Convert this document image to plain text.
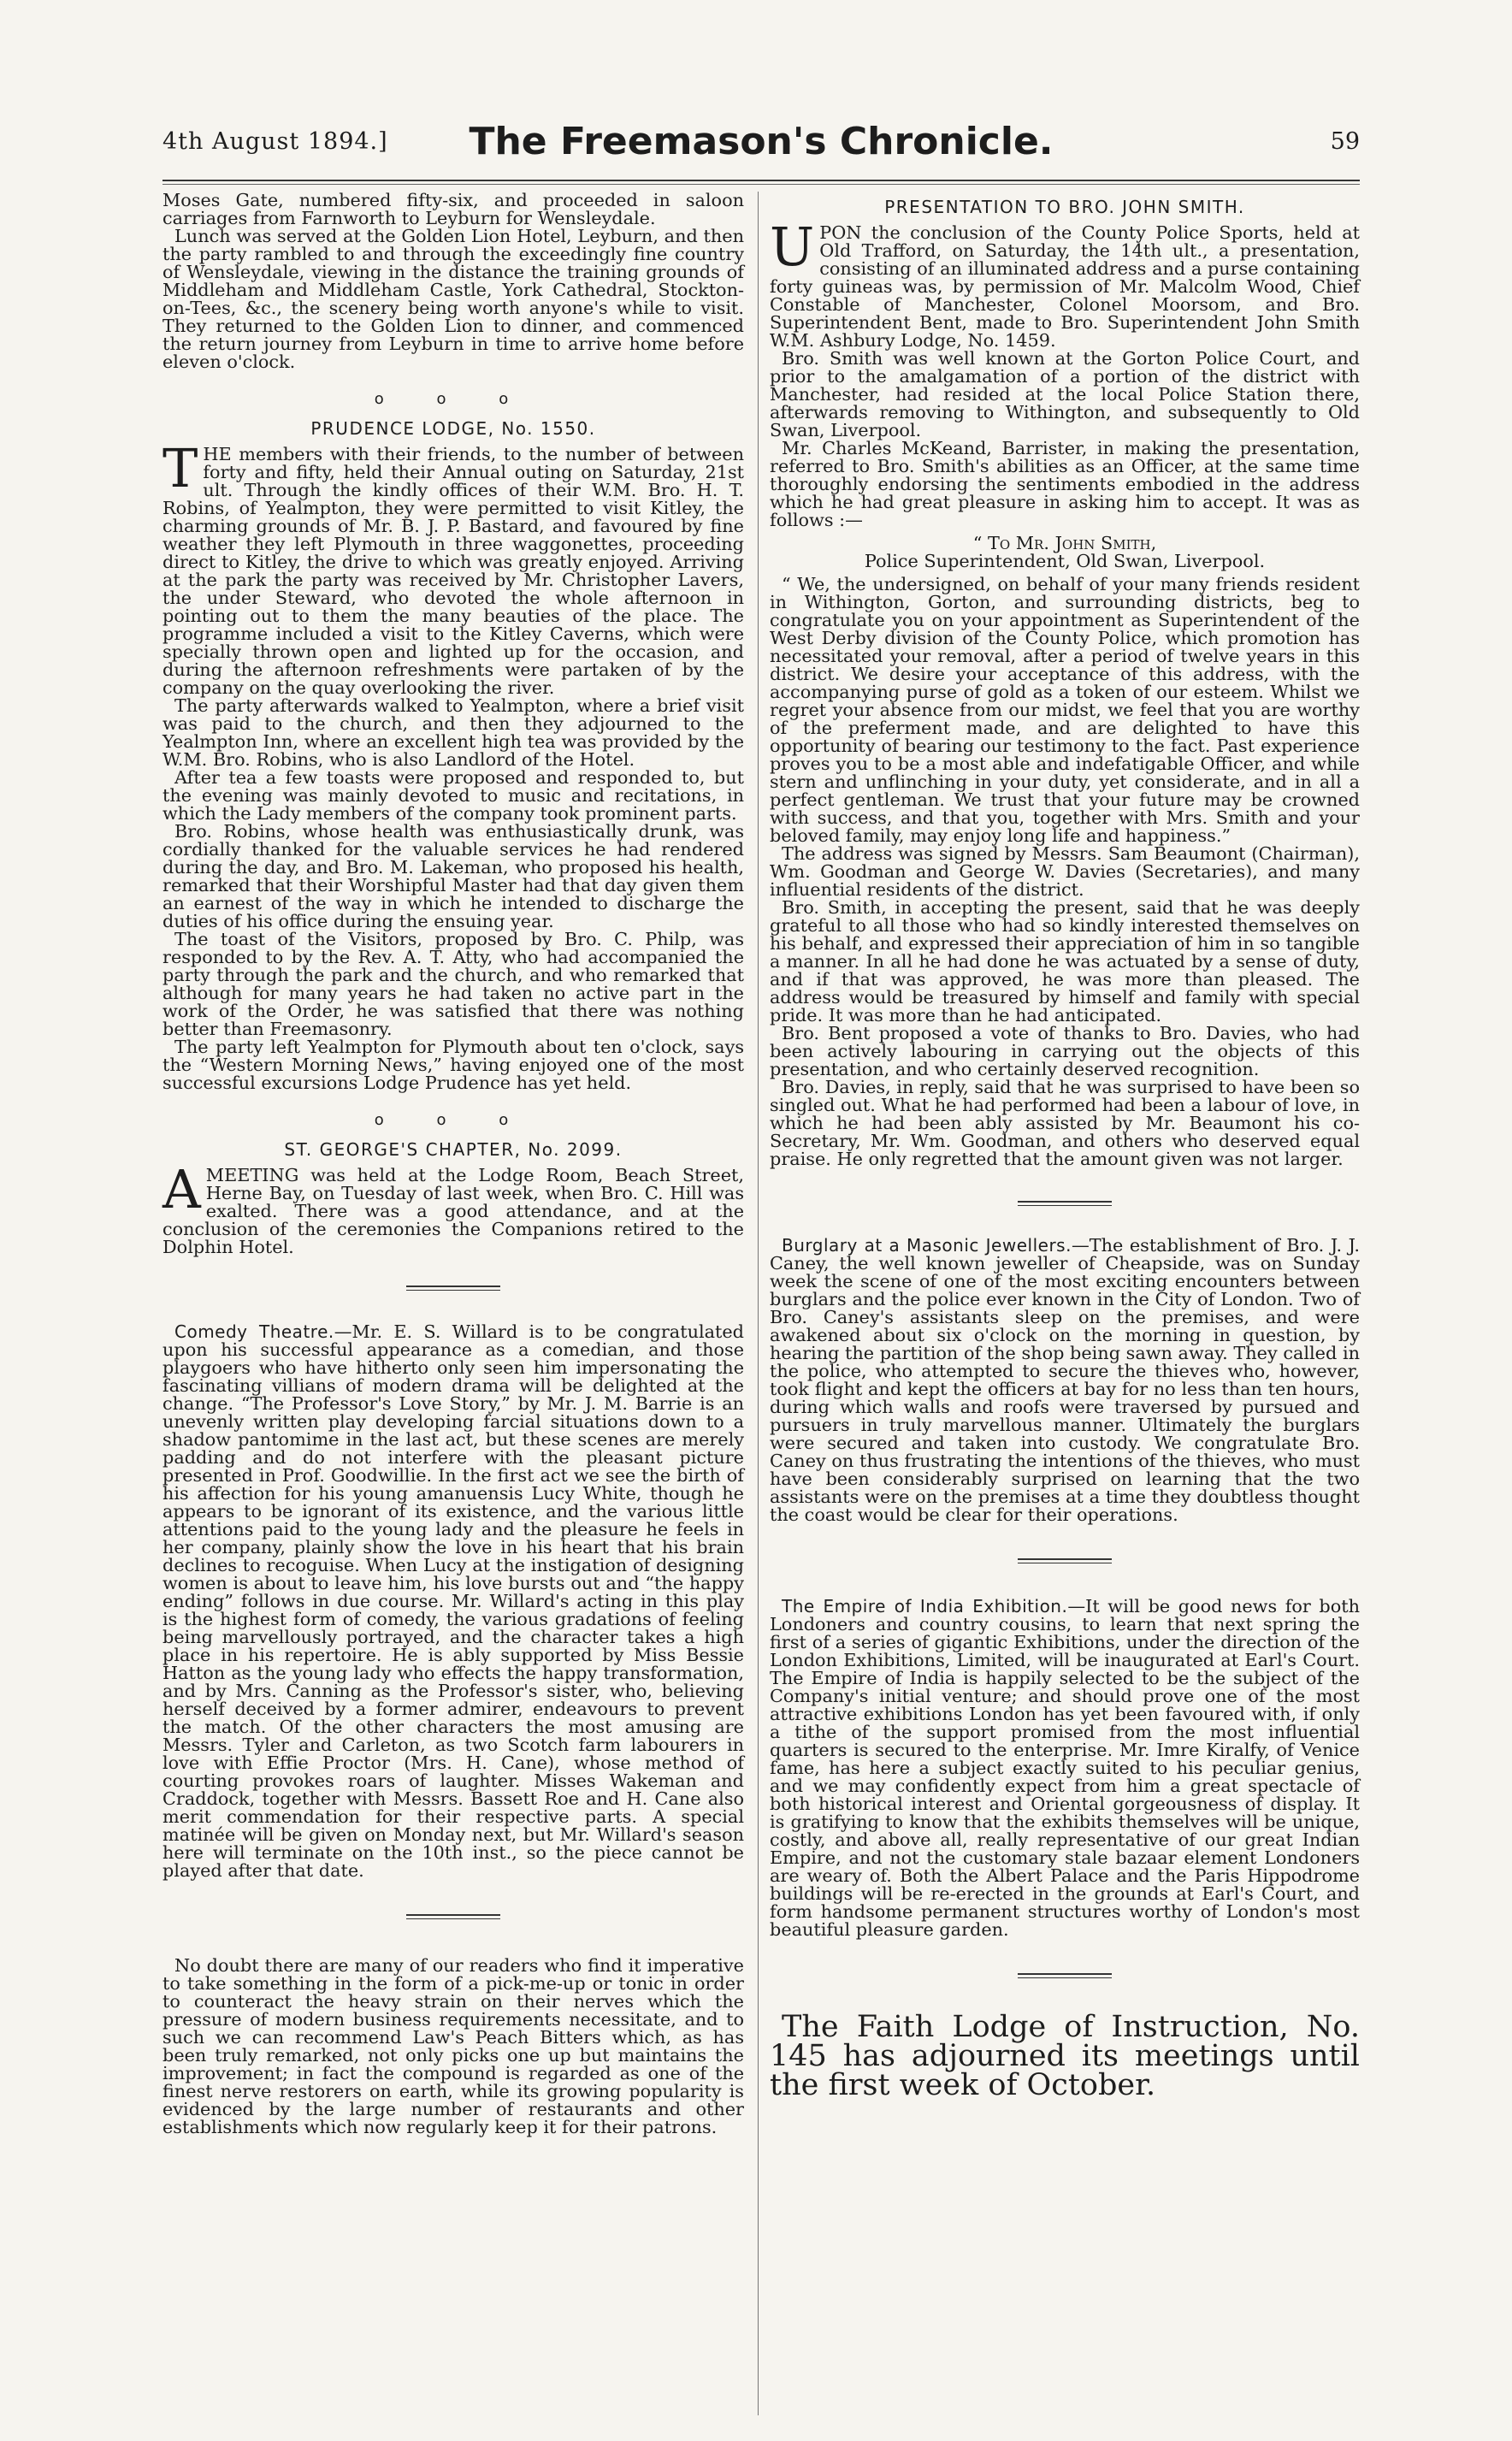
4th August 1894.]	The Freemason's Chronicle.	59

Moses Gate, numbered fifty-six, and proceeded in saloon carriages from Farnworth to Leyburn for Wensleydale.

Lunch was served at the Golden Lion Hotel, Leyburn, and then the party rambled to and through the exceedingly fine country of Wensleydale, viewing in the distance the training grounds of Middleham and Middleham Castle, York Cathedral, Stockton-on-Tees, &c., the scenery being worth anyone's while to visit. They returned to the Golden Lion to dinner, and commenced the return journey from Leyburn in time to arrive home before eleven o'clock.

o o o
PRUDENCE LODGE, No. 1550.

THE members with their friends, to the number of between forty and fifty, held their Annual outing on Saturday, 21st ult. Through the kindly offices of their W.M. Bro. H. T. Robins, of Yealmpton, they were permitted to visit Kitley, the charming grounds of Mr. B. J. P. Bastard, and favoured by fine weather they left Plymouth in three waggonettes, proceeding direct to Kitley, the drive to which was greatly enjoyed. Arriving at the park the party was received by Mr. Christopher Lavers, the under Steward, who devoted the whole afternoon in pointing out to them the many beauties of the place. The programme included a visit to the Kitley Caverns, which were specially thrown open and lighted up for the occasion, and during the afternoon refreshments were partaken of by the company on the quay overlooking the river.

The party afterwards walked to Yealmpton, where a brief visit was paid to the church, and then they adjourned to the Yealmpton Inn, where an excellent high tea was provided by the W.M. Bro. Robins, who is also Landlord of the Hotel.

After tea a few toasts were proposed and responded to, but the evening was mainly devoted to music and recitations, in which the Lady members of the company took prominent parts.

Bro. Robins, whose health was enthusiastically drunk, was cordially thanked for the valuable services he had rendered during the day, and Bro. M. Lakeman, who proposed his health, remarked that their Worshipful Master had that day given them an earnest of the way in which he intended to discharge the duties of his office during the ensuing year.

The toast of the Visitors, proposed by Bro. C. Philp, was responded to by the Rev. A. T. Atty, who had accompanied the party through the park and the church, and who remarked that although for many years he had taken no active part in the work of the Order, he was satisfied that there was nothing better than Freemasonry.

The party left Yealmpton for Plymouth about ten o'clock, says the “Western Morning News,” having enjoyed one of the most successful excursions Lodge Prudence has yet held.

o o o
ST. GEORGE'S CHAPTER, No. 2099.

AMEETING was held at the Lodge Room, Beach Street, Herne Bay, on Tuesday of last week, when Bro. C. Hill was exalted. There was a good attendance, and at the conclusion of the ceremonies the Companions retired to the Dolphin Hotel.

Comedy Theatre.—Mr. E. S. Willard is to be congratulated upon his successful appearance as a comedian, and those playgoers who have hitherto only seen him impersonating the fascinating villians of modern drama will be delighted at the change. “The Professor's Love Story,” by Mr. J. M. Barrie is an unevenly written play developing farcial situations down to a shadow pantomime in the last act, but these scenes are merely padding and do not interfere with the pleasant picture presented in Prof. Goodwillie. In the first act we see the birth of his affection for his young amanuensis Lucy White, though he appears to be ignorant of its existence, and the various little attentions paid to the young lady and the pleasure he feels in her company, plainly show the love in his heart that his brain declines to recoguise. When Lucy at the instigation of designing women is about to leave him, his love bursts out and “the happy ending” follows in due course. Mr. Willard's acting in this play is the highest form of comedy, the various gradations of feeling being marvellously portrayed, and the character takes a high place in his repertoire. He is ably supported by Miss Bessie Hatton as the young lady who effects the happy transformation, and by Mrs. Canning as the Professor's sister, who, believing herself deceived by a former admirer, endeavours to prevent the match. Of the other characters the most amusing are Messrs. Tyler and Carleton, as two Scotch farm labourers in love with Effie Proctor (Mrs. H. Cane), whose method of courting provokes roars of laughter. Misses Wakeman and Craddock, together with Messrs. Bassett Roe and H. Cane also merit commendation for their respective parts. A special matinée will be given on Monday next, but Mr. Willard's season here will terminate on the 10th inst., so the piece cannot be played after that date.

No doubt there are many of our readers who find it imperative to take something in the form of a pick-me-up or tonic in order to counteract the heavy strain on their nerves which the pressure of modern business requirements necessitate, and to such we can recommend Law's Peach Bitters which, as has been truly remarked, not only picks one up but maintains the improvement; in fact the compound is regarded as one of the finest nerve restorers on earth, while its growing popularity is evidenced by the large number of restaurants and other establishments which now regularly keep it for their patrons.

PRESENTATION TO BRO. JOHN SMITH.

UPON the conclusion of the County Police Sports, held at Old Trafford, on Saturday, the 14th ult., a presentation, consisting of an illuminated address and a purse containing forty guineas was, by permission of Mr. Malcolm Wood, Chief Constable of Manchester, Colonel Moorsom, and Bro. Superintendent Bent, made to Bro. Superintendent John Smith W.M. Ashbury Lodge, No. 1459.

Bro. Smith was well known at the Gorton Police Court, and prior to the amalgamation of a portion of the district with Manchester, had resided at the local Police Station there, afterwards removing to Withington, and subsequently to Old Swan, Liverpool.

Mr. Charles McKeand, Barrister, in making the presentation, referred to Bro. Smith's abilities as an Officer, at the same time thoroughly endorsing the sentiments embodied in the address which he had great pleasure in asking him to accept. It was as follows :—

“ To Mr. John Smith,

Police Superintendent, Old Swan, Liverpool.

“ We, the undersigned, on behalf of your many friends resident in Withington, Gorton, and surrounding districts, beg to congratulate you on your appointment as Superintendent of the West Derby division of the County Police, which promotion has necessitated your removal, after a period of twelve years in this district. We desire your acceptance of this address, with the accompanying purse of gold as a token of our esteem. Whilst we regret your absence from our midst, we feel that you are worthy of the preferment made, and are delighted to have this opportunity of bearing our testimony to the fact. Past experience proves you to be a most able and indefatigable Officer, and while stern and unflinching in your duty, yet considerate, and in all a perfect gentleman. We trust that your future may be crowned with success, and that you, together with Mrs. Smith and your beloved family, may enjoy long life and happiness.”

The address was signed by Messrs. Sam Beaumont (Chairman), Wm. Goodman and George W. Davies (Secretaries), and many influential residents of the district.

Bro. Smith, in accepting the present, said that he was deeply grateful to all those who had so kindly interested themselves on his behalf, and expressed their appreciation of him in so tangible a manner. In all he had done he was actuated by a sense of duty, and if that was approved, he was more than pleased. The address would be treasured by himself and family with special pride. It was more than he had anticipated.

Bro. Bent proposed a vote of thanks to Bro. Davies, who had been actively labouring in carrying out the objects of this presentation, and who certainly deserved recognition.

Bro. Davies, in reply, said that he was surprised to have been so singled out. What he had performed had been a labour of love, in which he had been ably assisted by Mr. Beaumont his co-Secretary, Mr. Wm. Goodman, and others who deserved equal praise. He only regretted that the amount given was not larger.

Burglary at a Masonic Jewellers.—The establishment of Bro. J. J. Caney, the well known jeweller of Cheapside, was on Sunday week the scene of one of the most exciting encounters between burglars and the police ever known in the City of London. Two of Bro. Caney's assistants sleep on the premises, and were awakened about six o'clock on the morning in question, by hearing the partition of the shop being sawn away. They called in the police, who attempted to secure the thieves who, however, took flight and kept the officers at bay for no less than ten hours, during which walls and roofs were traversed by pursued and pursuers in truly marvellous manner. Ultimately the burglars were secured and taken into custody. We congratulate Bro. Caney on thus frustrating the intentions of the thieves, who must have been considerably surprised on learning that the two assistants were on the premises at a time they doubtless thought the coast would be clear for their operations.

The Empire of India Exhibition.—It will be good news for both Londoners and country cousins, to learn that next spring the first of a series of gigantic Exhibitions, under the direction of the London Exhibitions, Limited, will be inaugurated at Earl's Court. The Empire of India is happily selected to be the subject of the Company's initial venture; and should prove one of the most attractive exhibitions London has yet been favoured with, if only a tithe of the support promised from the most influential quarters is secured to the enterprise. Mr. Imre Kiralfy, of Venice fame, has here a subject exactly suited to his peculiar genius, and we may confidently expect from him a great spectacle of both historical interest and Oriental gorgeousness of display. It is gratifying to know that the exhibits themselves will be unique, costly, and above all, really representative of our great Indian Empire, and not the customary stale bazaar element Londoners are weary of. Both the Albert Palace and the Paris Hippodrome buildings will be re-erected in the grounds at Earl's Court, and form handsome permanent structures worthy of London's most beautiful pleasure garden.

The Faith Lodge of Instruction, No. 145 has adjourned its meetings until the first week of October.
